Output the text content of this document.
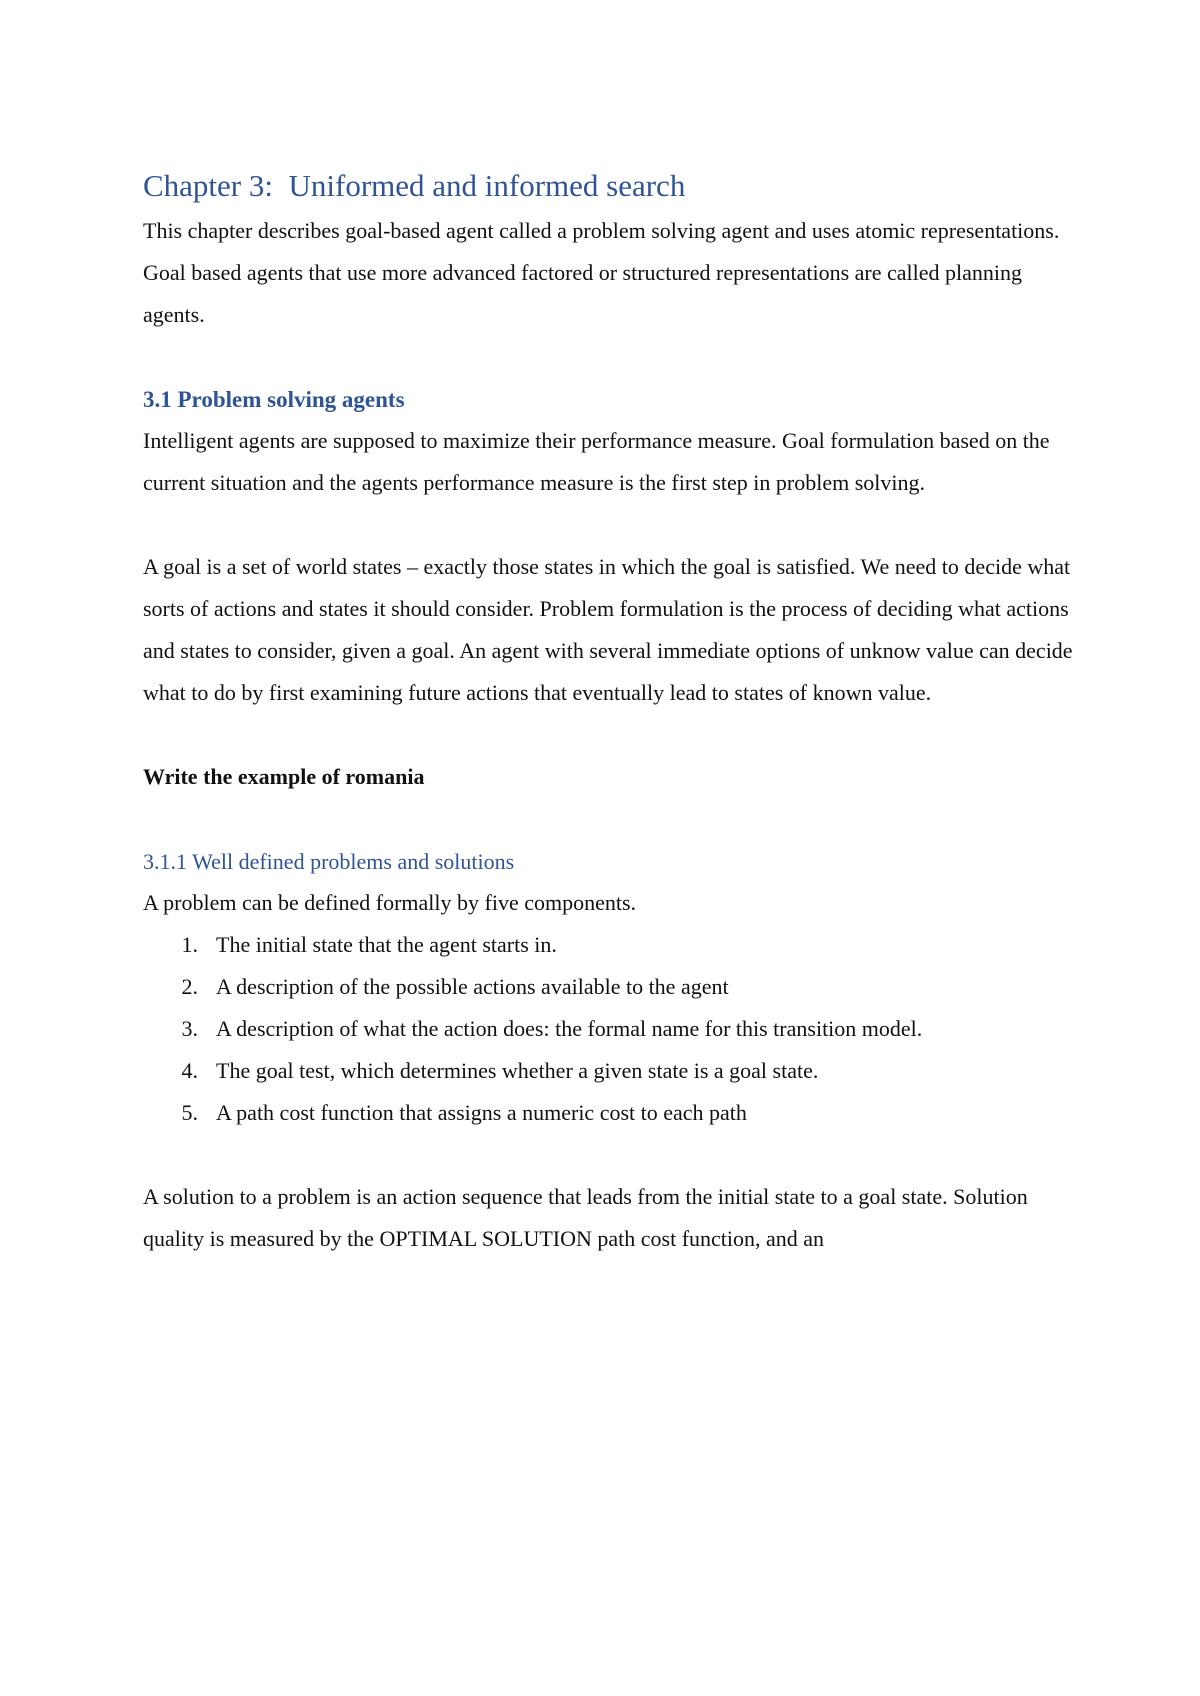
Chapter 3:  Uniformed and informed search

This chapter describes goal-based agent called a problem solving agent and uses atomic representations. Goal based agents that use more advanced factored or structured representations are called planning agents.

3.1 Problem solving agents

Intelligent agents are supposed to maximize their performance measure. Goal formulation based on the current situation and the agents performance measure is the first step in problem solving.

A goal is a set of world states – exactly those states in which the goal is satisfied. We need to decide what sorts of actions and states it should consider. Problem formulation is the process of deciding what actions and states to consider, given a goal. An agent with several immediate options of unknow value can decide what to do by first examining future actions that eventually lead to states of known value.

Write the example of romania

3.1.1 Well defined problems and solutions

A problem can be defined formally by five components.

1. The initial state that the agent starts in.
2. A description of the possible actions available to the agent
3. A description of what the action does: the formal name for this transition model.
4. The goal test, which determines whether a given state is a goal state.
5. A path cost function that assigns a numeric cost to each path

A solution to a problem is an action sequence that leads from the initial state to a goal state. Solution quality is measured by the OPTIMAL SOLUTION path cost function, and an
